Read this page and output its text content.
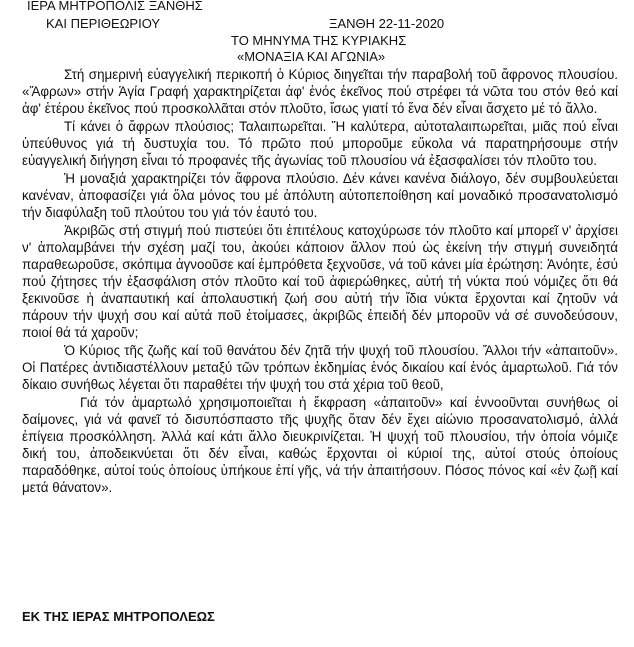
ΙΕΡΑ ΜΗΤΡΟΠΟΛΙΣ ΞΑΝΘΗΣ
ΚΑΙ ΠΕΡΙΘΕΩΡΙΟΥ	ΞΑΝΘΗ 22-11-2020
ΤΟ ΜΗΝΥΜΑ ΤΗΣ ΚΥΡΙΑΚΗΣ
«ΜΟΝΑΞΙΑ ΚΑΙ ΑΓΩΝΙΑ»

Στή σημερινή εὐαγγελική περικοπή ὁ Κύριος διηγεῖται τήν παραβολή τοῦ ἄφρονος πλουσίου. «Ἄφρων» στήν Ἁγία Γραφή χαρακτηρίζεται ἀφ' ἑνός ἐκεῖνος πού στρέφει τά νῶτα του στόν θεό καί ἀφ' ἑτέρου ἐκεῖνος πού προσκολλᾶται στόν πλοῦτο, ἴσως γιατί τό ἕνα δέν εἶναι ἄσχετο μέ τό ἄλλο.

Τί κάνει ὁ ἄφρων πλούσιος; Ταλαιπωρεῖται. Ἤ καλύτερα, αὐτοταλαιπωρεῖται, μιᾶς πού εἶναι ὑπεύθυνος γιά τή δυστυχία του. Τό πρῶτο πού μποροῦμε εὔκολα νά παρατηρήσουμε στήν εὐαγγελική διήγηση εἶναι τό προφανές τῆς ἀγωνίας τοῦ πλουσίου νά ἐξασφαλίσει τόν πλοῦτο του.

Ἡ μοναξιά χαρακτηρίζει τόν ἄφρονα πλούσιο. Δέν κάνει κανένα διάλογο, δέν συμβουλεύεται κανέναν, ἀποφασίζει γιά ὅλα μόνος του μέ ἀπόλυτη αὐτοπεποίθηση καί μοναδικό προσανατολισμό τήν διαφύλαξη τοῦ πλούτου του γιά τόν ἑαυτό του.

Ἀκριβῶς στή στιγμή πού πιστεύει ὅτι ἐπιτέλους κατοχύρωσε τόν πλοῦτο καί μπορεῖ ν' ἀρχίσει ν' ἀπολαμβάνει τήν σχέση μαζί του, ἀκούει κάποιον ἄλλον πού ὡς ἐκείνη τήν στιγμή συνειδητά παραθεωροῦσε, σκόπιμα ἀγνοοῦσε καί ἐμπρόθετα ξεχνοῦσε, νά τοῦ κάνει μία ἐρώτηση: Ἀνόητε, ἐσύ πού ζήτησες τήν ἐξασφάλιση στόν πλοῦτο καί τοῦ ἀφιερώθηκες, αὐτή τή νύκτα πού νόμιζες ὅτι θά ξεκινοῦσε ἡ ἀναπαυτική καί ἀπολαυστική ζωή σου αὐτή τήν ἴδια νύκτα ἔρχονται καί ζητοῦν νά πάρουν τήν ψυχή σου καί αὐτά ποῦ ἑτοίμασες, ἀκριβῶς ἐπειδή δέν μποροῦν νά σέ συνοδεύσουν, ποιοί θά τά χαροῦν;

Ὁ Κύριος τῆς ζωῆς καί τοῦ θανάτου δέν ζητᾶ τήν ψυχή τοῦ πλουσίου. Ἄλλοι τήν «ἀπαιτοῦν». Οἱ Πατέρες ἀντιδιαστέλλουν μεταξύ τῶν τρόπων ἐκδημίας ἑνός δικαίου καί ἑνός ἁμαρτωλοῦ. Γιά τόν δίκαιο συνήθως λέγεται ὅτι παραθέτει τήν ψυχή του στά χέρια τοῦ θεοῦ,

Γιά τόν ἁμαρτωλό χρησιμοποιεῖται ἡ ἔκφραση «ἀπαιτοῦν» καί ἐννοοῦνται συνήθως οἱ δαίμονες, γιά νά φανεῖ τό δισυπόσπαστο τῆς ψυχῆς ὅταν δέν ἔχει αἰώνιο προσανατολισμό, ἀλλά ἐπίγεια προσκόλληση. Ἀλλά καί κάτι ἄλλο διευκρινίζεται. Ἡ ψυχή τοῦ πλουσίου, τήν ὁποία νόμιζε δική του, ἀποδεικνύεται ὅτι δέν εἶναι, καθώς ἔρχονται οἱ κύριοί της, αὐτοί στούς ὁποίους παραδόθηκε, αὐτοί τούς ὁποίους ὑπήκουε ἐπί γῆς, νά τήν ἀπαιτήσουν. Πόσος πόνος καί «ἐν ζωῇ καί μετά θάνατον».

ΕΚ ΤΗΣ ΙΕΡΑΣ ΜΗΤΡΟΠΟΛΕΩΣ
